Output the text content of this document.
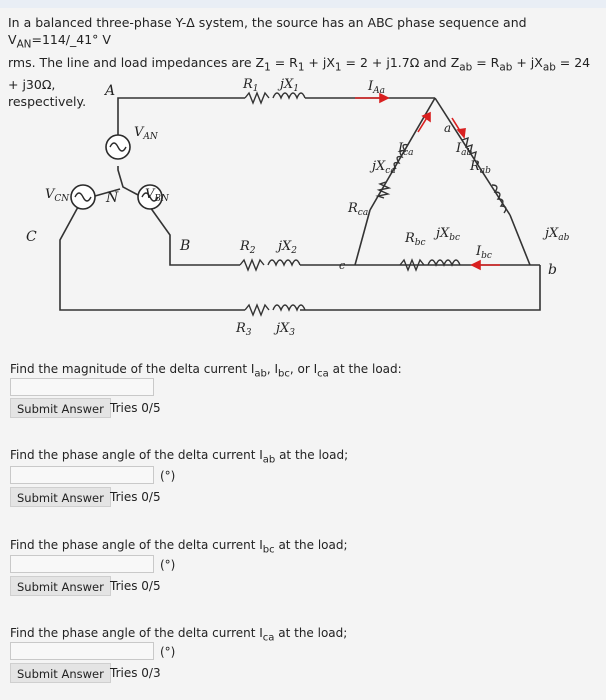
In a balanced three-phase Y-Δ system, the source has an ABC phase sequence and $V_{AN}=114/\_41^\circ$ V
rms. The line and load impedances are $Z_1 = R_1 + jX_1 = 2 + j1.7\Omega$ and $Z_{ab} = R_{ab} + jX_{ab} = 24 + j30\Omega$,
respectively.
A
N
B
C
a
b
c
$V_{AN}$
$V_{CN}$	$V_{BN}$
$R_1$ $jX_1$
$R_2$ $jX_2$
$R_3$ $jX_3$
$I_{Aa}$
$I_{ca}$	$I_{ab}$
$R_{ab}$
$jX_{ca}$
$R_{ca}$
$R_{bc}$
$jX_{bc}$
$I_{bc}$
$jX_{ab}$
Find the magnitude of the delta current $I_{ab}$, $I_{bc}$, or $I_{ca}$ at the load:
Submit Answer Tries 0/5
Find the phase angle of the delta current $I_{ab}$ at the load;
(°)
Submit Answer Tries 0/5
Find the phase angle of the delta current $I_{bc}$ at the load;
(°)
Submit Answer Tries 0/5
Find the phase angle of the delta current $I_{ca}$ at the load;
(°)
Submit Answer Tries 0/3
